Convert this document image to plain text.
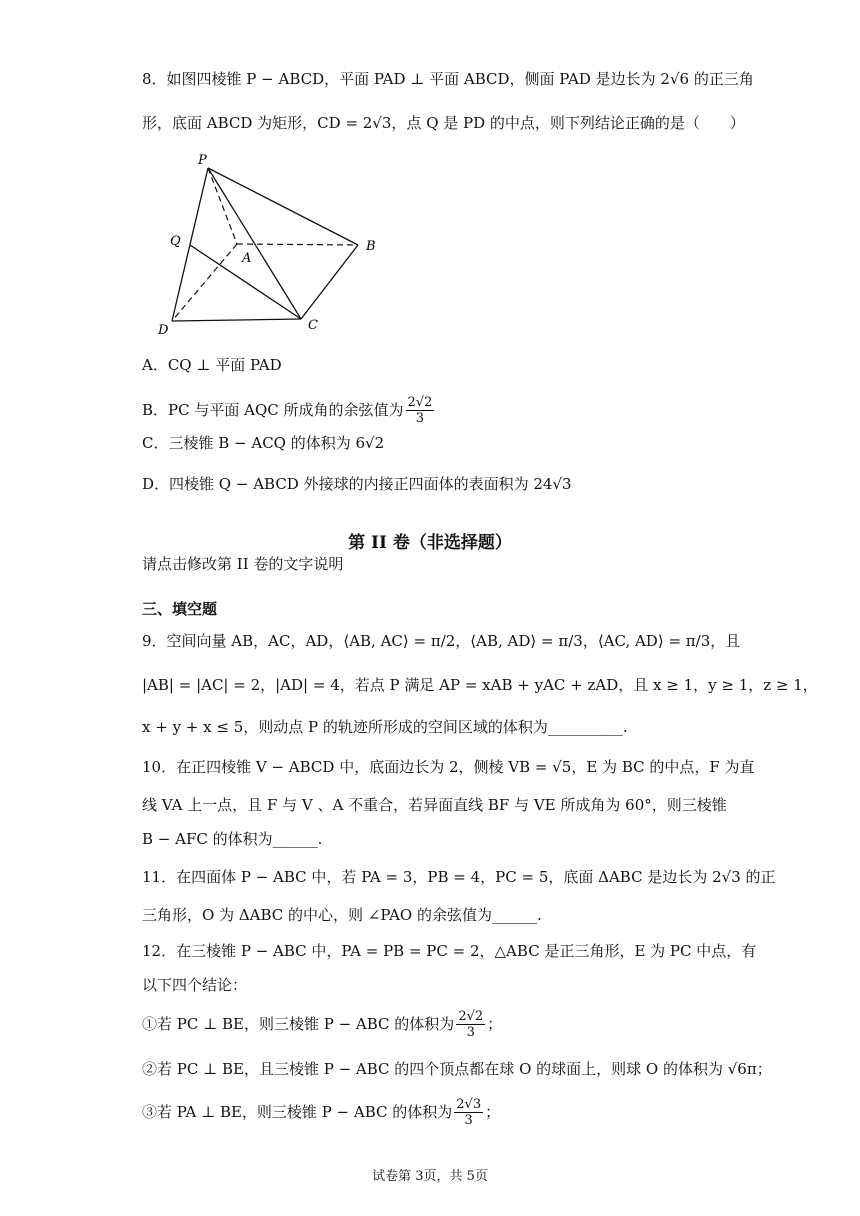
8．如图四棱锥 P − ABCD，平面 PAD ⊥ 平面 ABCD，侧面 PAD 是边长为 2√6 的正三角
形，底面 ABCD 为矩形，CD = 2√3，点 Q 是 PD 的中点，则下列结论正确的是（　　）
P
Q
A
B
C
D
A．CQ ⊥ 平面 PAD
B．PC 与平面 AQC 所成角的余弦值为 $\frac{2√2}{3}$
C．三棱锥 B − ACQ 的体积为 6√2
D．四棱锥 Q − ABCD 外接球的内接正四面体的表面积为 24√3
第 II 卷（非选择题）
请点击修改第 II 卷的文字说明
三、填空题
9．空间向量 AB，AC，AD，⟨AB, AC⟩ = π/2，⟨AB, AD⟩ = π/3，⟨AC, AD⟩ = π/3，且
|AB| = |AC| = 2，|AD| = 4，若点 P 满足 AP = xAB + yAC + zAD，且 x ≥ 1，y ≥ 1，z ≥ 1，
x + y + x ≤ 5，则动点 P 的轨迹所形成的空间区域的体积为__________.
10．在正四棱锥 V − ABCD 中，底面边长为 2，侧棱 VB = √5，E 为 BC 的中点，F 为直
线 VA 上一点，且 F 与 V 、A 不重合，若异面直线 BF 与 VE 所成角为 60°，则三棱锥
B − AFC 的体积为______.
11．在四面体 P − ABC 中，若 PA = 3，PB = 4，PC = 5，底面 ΔABC 是边长为 2√3 的正
三角形，O 为 ΔABC 的中心，则 ∠PAO 的余弦值为______.
12．在三棱锥 P − ABC 中，PA = PB = PC = 2，△ABC 是正三角形，E 为 PC 中点，有
以下四个结论：
①若 PC ⊥ BE，则三棱锥 P − ABC 的体积为 $\frac{2√2}{3}$ ；
②若 PC ⊥ BE，且三棱锥 P − ABC 的四个顶点都在球 O 的球面上，则球 O 的体积为 √6π；
③若 PA ⊥ BE，则三棱锥 P − ABC 的体积为 $\frac{2√3}{3}$ ；
试卷第 3页，共 5页
